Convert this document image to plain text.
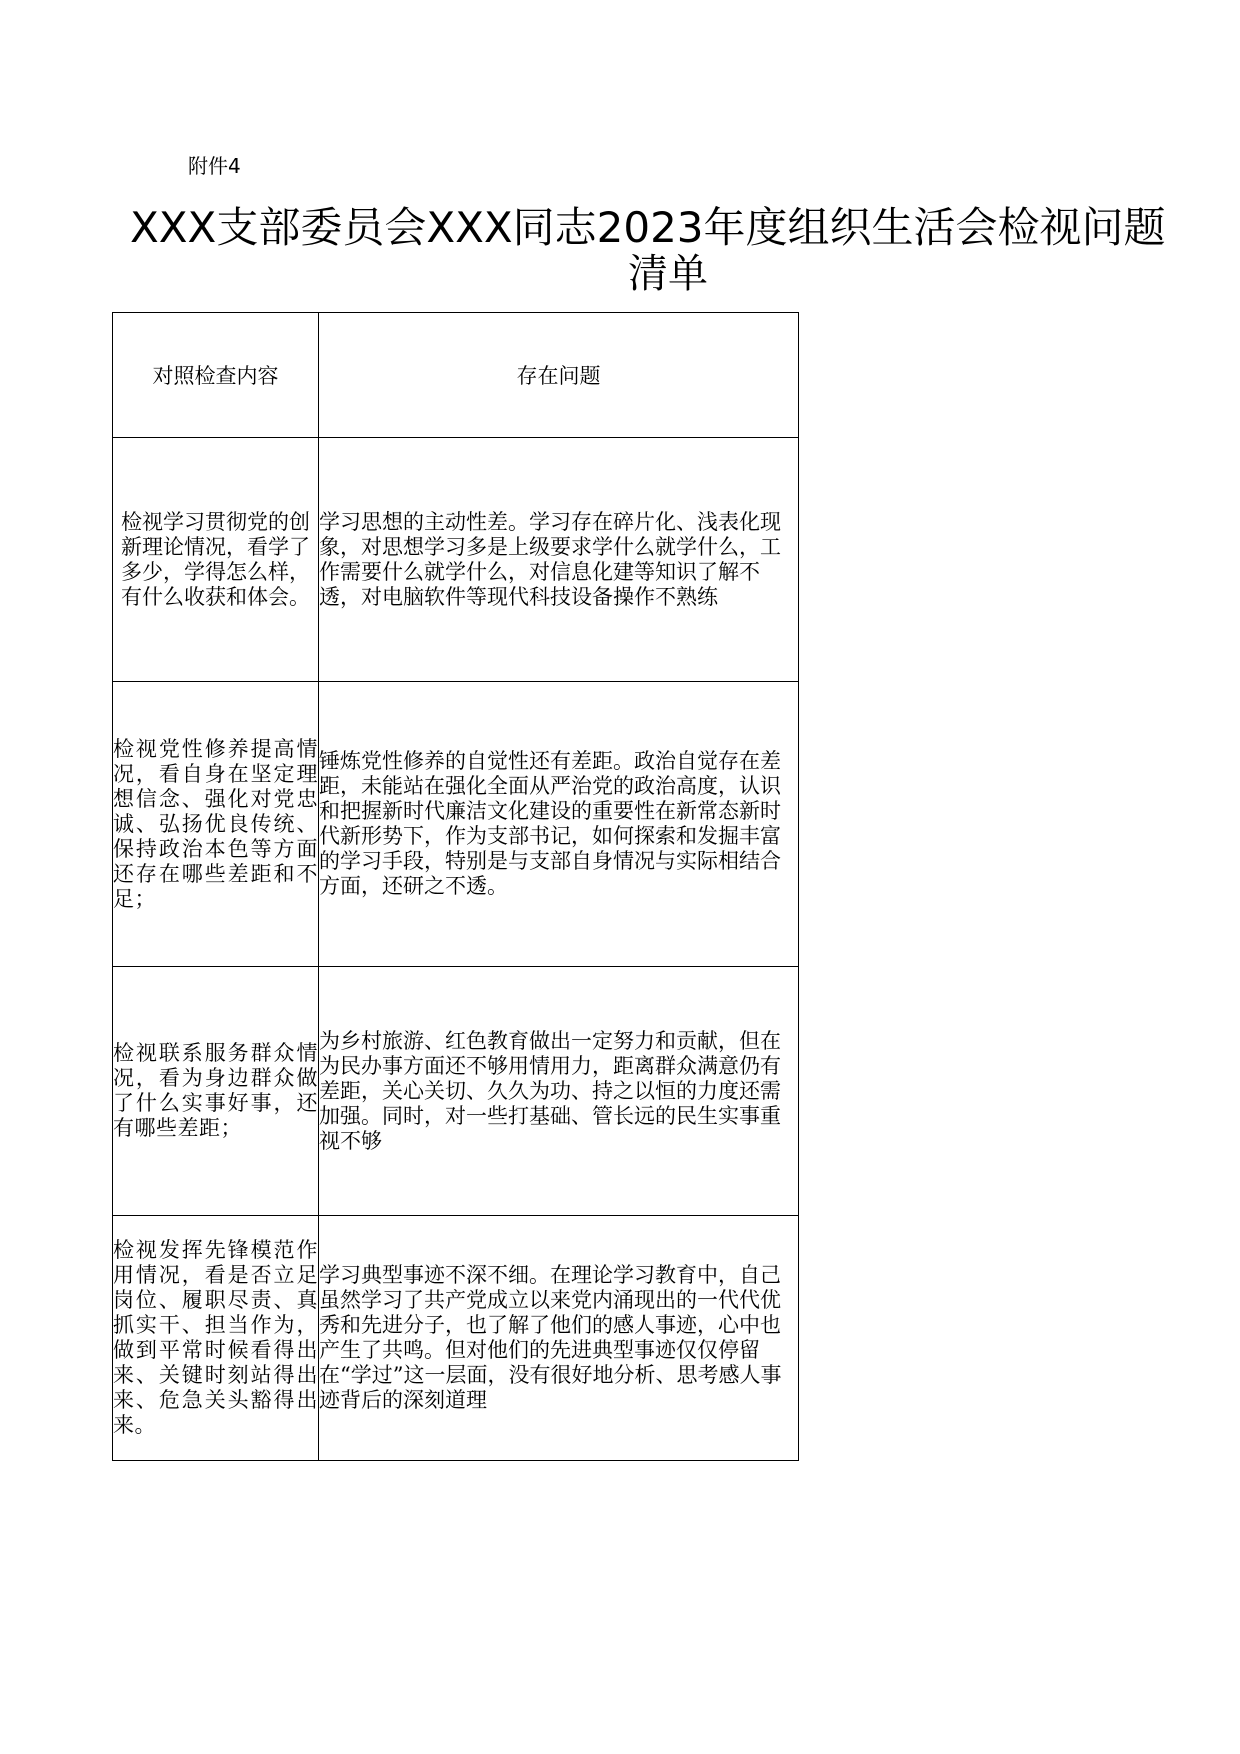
附件4
XXX支部委员会XXX同志2023年度组织生活会检视问题
清单
对照检查内容	存在问题
检视学习贯彻党的创新理论情况，看学了多少，学得怎么样，有什么收获和体会。	学习思想的主动性差。学习存在碎片化、浅表化现象，对思想学习多是上级要求学什么就学什么，工作需要什么就学什么，对信息化建等知识了解不透，对电脑软件等现代科技设备操作不熟练
检视党性修养提高情况，看自身在坚定理想信念、强化对党忠诚、弘扬优良传统、保持政治本色等方面还存在哪些差距和不足；	锤炼党性修养的自觉性还有差距。政治自觉存在差距，未能站在强化全面从严治党的政治高度，认识和把握新时代廉洁文化建设的重要性在新常态新时代新形势下，作为支部书记，如何探索和发掘丰富的学习手段，特别是与支部自身情况与实际相结合方面，还研之不透。
检视联系服务群众情况，看为身边群众做了什么实事好事，还有哪些差距；	为乡村旅游、红色教育做出一定努力和贡献，但在为民办事方面还不够用情用力，距离群众满意仍有差距，关心关切、久久为功、持之以恒的力度还需加强。同时，对一些打基础、管长远的民生实事重视不够
检视发挥先锋模范作用情况，看是否立足岗位、履职尽责、真抓实干、担当作为，做到平常时候看得出来、关键时刻站得出来、危急关头豁得出来。	学习典型事迹不深不细。在理论学习教育中，自己虽然学习了共产党成立以来党内涌现出的一代代优秀和先进分子，也了解了他们的感人事迹，心中也产生了共鸣。但对他们的先进典型事迹仅仅停留在“学过”这一层面，没有很好地分析、思考感人事迹背后的深刻道理
